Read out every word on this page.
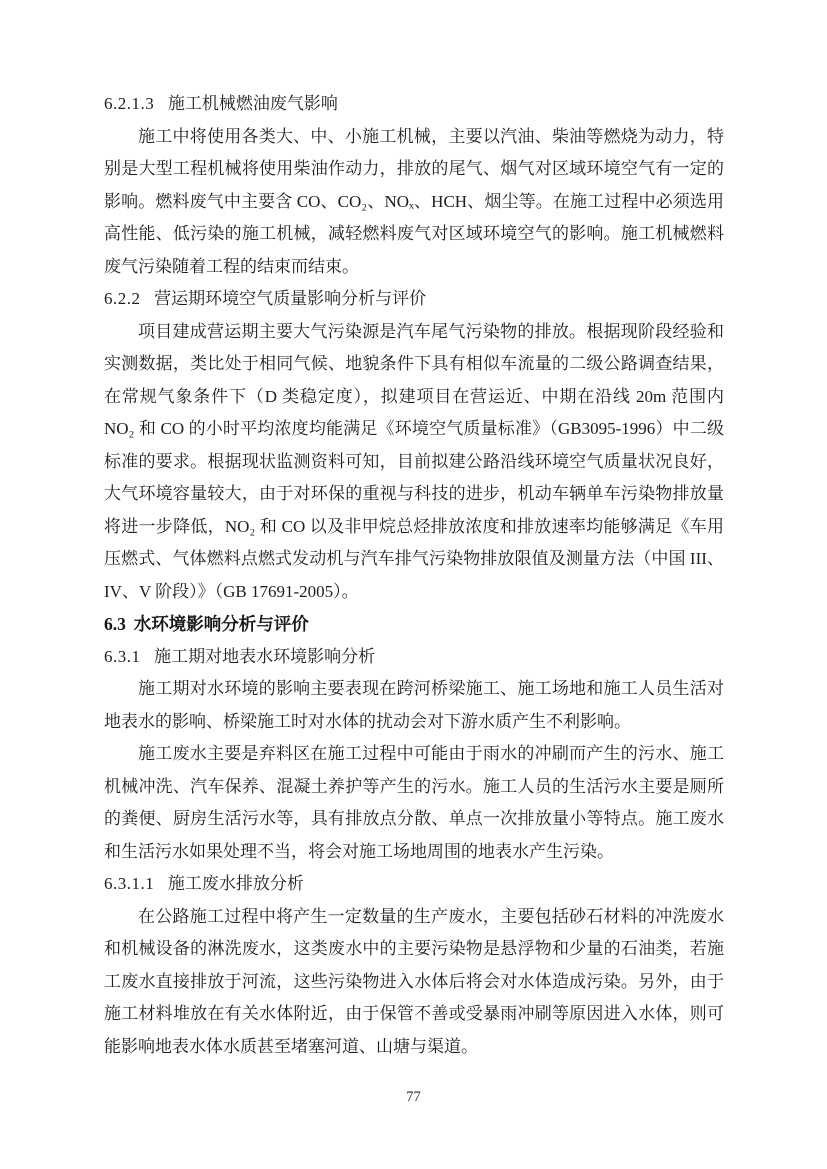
6.2.1.3 施工机械燃油废气影响

施工中将使用各类大、中、小施工机械，主要以汽油、柴油等燃烧为动力，特别是大型工程机械将使用柴油作动力，排放的尾气、烟气对区域环境空气有一定的影响。燃料废气中主要含 CO、CO₂、NOₓ、HCH、烟尘等。在施工过程中必须选用高性能、低污染的施工机械，减轻燃料废气对区域环境空气的影响。施工机械燃料废气污染随着工程的结束而结束。

6.2.2 营运期环境空气质量影响分析与评价

项目建成营运期主要大气污染源是汽车尾气污染物的排放。根据现阶段经验和实测数据，类比处于相同气候、地貌条件下具有相似车流量的二级公路调查结果，在常规气象条件下（D 类稳定度），拟建项目在营运近、中期在沿线 20m 范围内 NO₂ 和 CO 的小时平均浓度均能满足《环境空气质量标准》（GB3095-1996）中二级标准的要求。根据现状监测资料可知，目前拟建公路沿线环境空气质量状况良好，大气环境容量较大，由于对环保的重视与科技的进步，机动车辆单车污染物排放量将进一步降低，NO₂ 和 CO 以及非甲烷总烃排放浓度和排放速率均能够满足《车用压燃式、气体燃料点燃式发动机与汽车排气污染物排放限值及测量方法（中国 III、IV、V 阶段）》（GB 17691-2005）。

6.3 水环境影响分析与评价
6.3.1 施工期对地表水环境影响分析

施工期对水环境的影响主要表现在跨河桥梁施工、施工场地和施工人员生活对地表水的影响、桥梁施工时对水体的扰动会对下游水质产生不利影响。

施工废水主要是弃料区在施工过程中可能由于雨水的冲刷而产生的污水、施工机械冲洗、汽车保养、混凝土养护等产生的污水。施工人员的生活污水主要是厕所的粪便、厨房生活污水等，具有排放点分散、单点一次排放量小等特点。施工废水和生活污水如果处理不当，将会对施工场地周围的地表水产生污染。

6.3.1.1 施工废水排放分析

在公路施工过程中将产生一定数量的生产废水，主要包括砂石材料的冲洗废水和机械设备的淋洗废水，这类废水中的主要污染物是悬浮物和少量的石油类，若施工废水直接排放于河流，这些污染物进入水体后将会对水体造成污染。另外，由于施工材料堆放在有关水体附近，由于保管不善或受暴雨冲刷等原因进入水体，则可能影响地表水体水质甚至堵塞河道、山塘与渠道。

77
